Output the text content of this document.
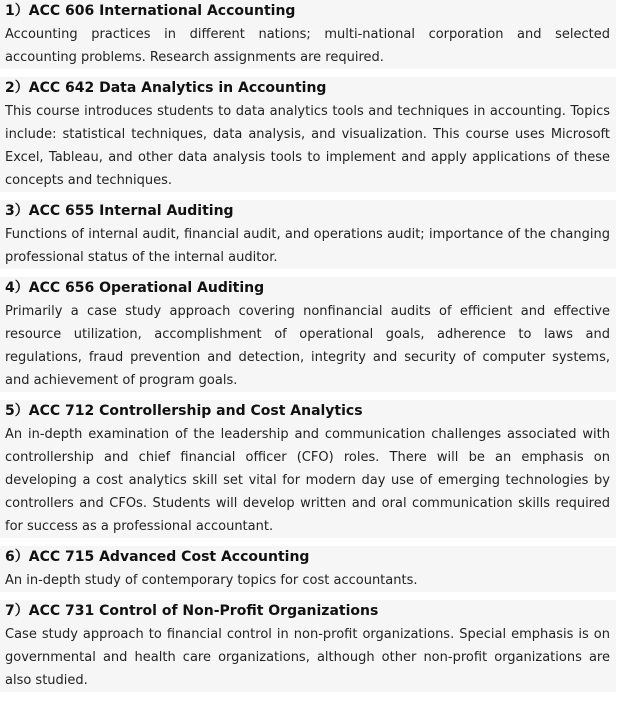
1）ACC 606 International Accounting
Accounting practices in different nations; multi-national corporation and selected accounting problems. Research assignments are required.
2）ACC 642 Data Analytics in Accounting
This course introduces students to data analytics tools and techniques in accounting. Topics include: statistical techniques, data analysis, and visualization. This course uses Microsoft Excel, Tableau, and other data analysis tools to implement and apply applications of these concepts and techniques.
3）ACC 655 Internal Auditing
Functions of internal audit, financial audit, and operations audit; importance of the changing professional status of the internal auditor.
4）ACC 656 Operational Auditing
Primarily a case study approach covering nonfinancial audits of efficient and effective resource utilization, accomplishment of operational goals, adherence to laws and regulations, fraud prevention and detection, integrity and security of computer systems, and achievement of program goals.
5）ACC 712 Controllership and Cost Analytics
An in-depth examination of the leadership and communication challenges associated with controllership and chief financial officer (CFO) roles. There will be an emphasis on developing a cost analytics skill set vital for modern day use of emerging technologies by controllers and CFOs. Students will develop written and oral communication skills required for success as a professional accountant.
6）ACC 715 Advanced Cost Accounting
An in-depth study of contemporary topics for cost accountants.
7）ACC 731 Control of Non-Profit Organizations
Case study approach to financial control in non-profit organizations. Special emphasis is on governmental and health care organizations, although other non-profit organizations are also studied.
